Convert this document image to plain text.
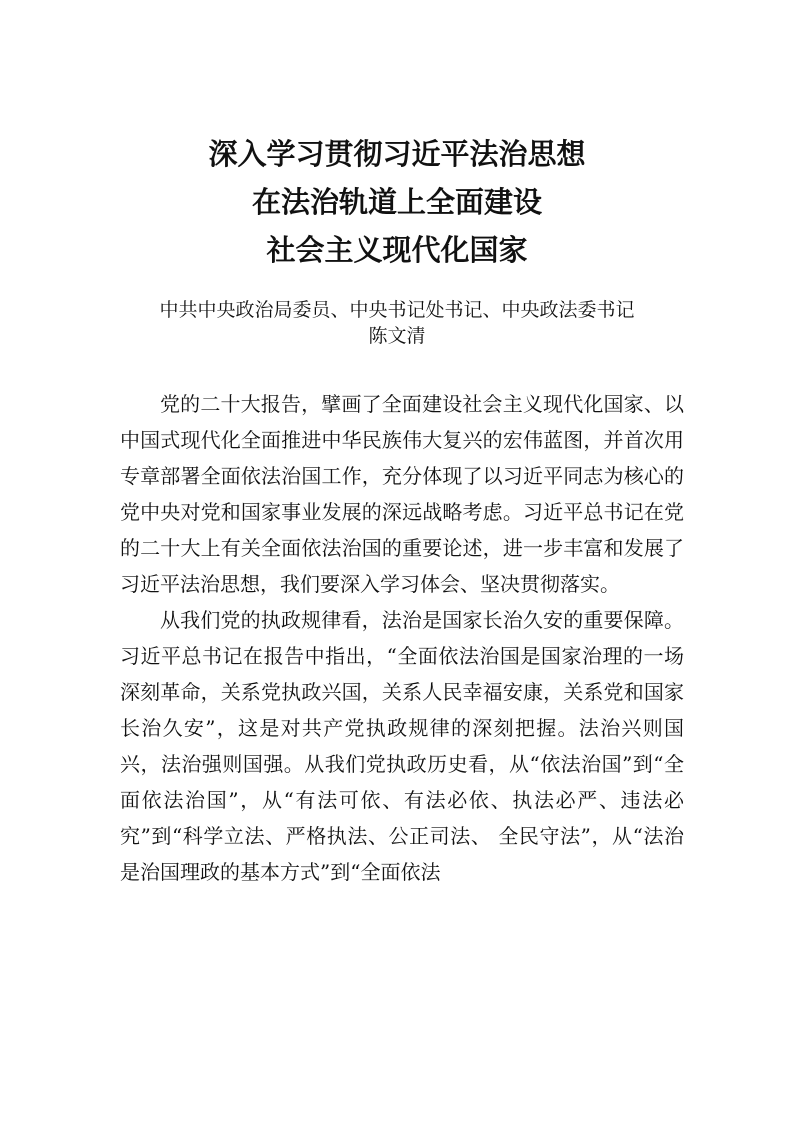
深入学习贯彻习近平法治思想
在法治轨道上全面建设
社会主义现代化国家
中共中央政治局委员、中央书记处书记、中央政法委书记
陈文清

党的二十大报告，擘画了全面建设社会主义现代化国家、以中国式现代化全面推进中华民族伟大复兴的宏伟蓝图，并首次用专章部署全面依法治国工作，充分体现了以习近平同志为核心的党中央对党和国家事业发展的深远战略考虑。习近平总书记在党的二十大上有关全面依法治国的重要论述，进一步丰富和发展了习近平法治思想，我们要深入学习体会、坚决贯彻落实。

从我们党的执政规律看，法治是国家长治久安的重要保障。习近平总书记在报告中指出，“全面依法治国是国家治理的一场深刻革命，关系党执政兴国，关系人民幸福安康，关系党和国家长治久安”，这是对共产党执政规律的深刻把握。法治兴则国兴，法治强则国强。从我们党执政历史看，从“依法治国”到“全面依法治国”，从“有法可依、有法必依、执法必严、违法必究”到“科学立法、严格执法、公正司法、 全民守法”，从“法治是治国理政的基本方式”到“全面依法
